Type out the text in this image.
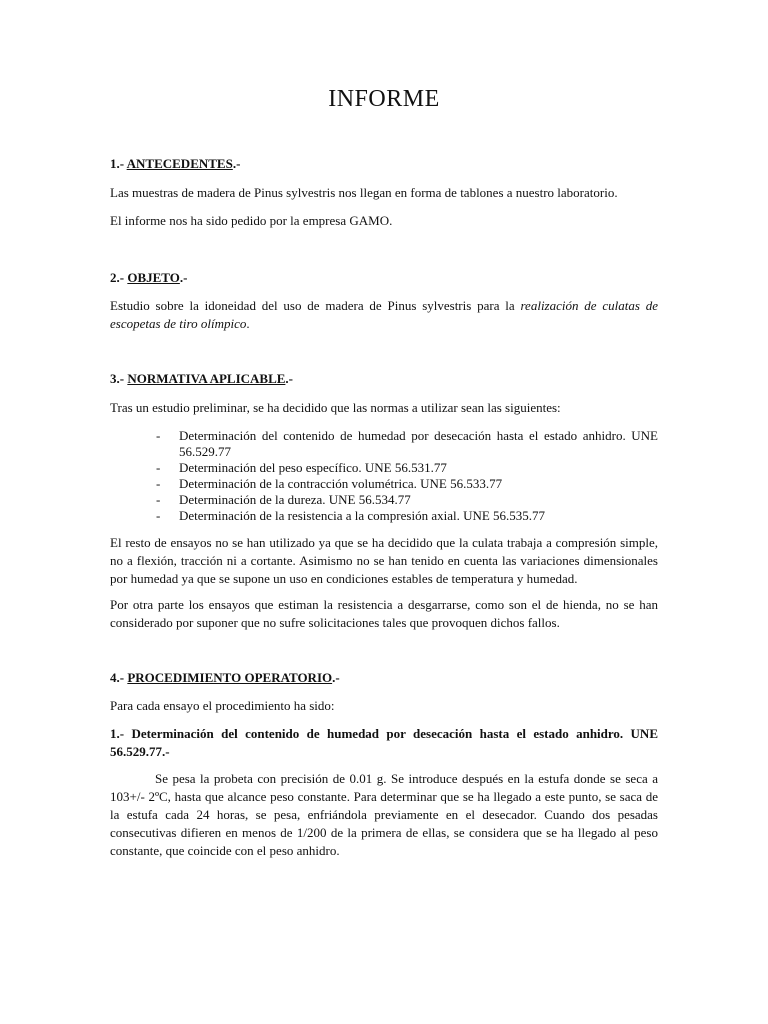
INFORME
1.- ANTECEDENTES.-

Las muestras de madera de Pinus sylvestris nos llegan en forma de tablones a nuestro laboratorio.

El informe nos ha sido pedido por la empresa GAMO.

2.- OBJETO.-

Estudio sobre la idoneidad del uso de madera de Pinus sylvestris para la realización de culatas de escopetas de tiro olímpico.

3.- NORMATIVA APLICABLE.-

Tras un estudio preliminar, se ha decidido que las normas a utilizar sean las siguientes:

- Determinación del contenido de humedad por desecación hasta el estado anhidro. UNE 56.529.77
- Determinación del peso específico. UNE 56.531.77
- Determinación de la contracción volumétrica. UNE 56.533.77
- Determinación de la dureza. UNE 56.534.77
- Determinación de la resistencia a la compresión axial. UNE 56.535.77

El resto de ensayos no se han utilizado ya que se ha decidido que la culata trabaja a compresión simple, no a flexión, tracción ni a cortante. Asimismo no se han tenido en cuenta las variaciones dimensionales por humedad ya que se supone un uso en condiciones estables de temperatura y humedad.

Por otra parte los ensayos que estiman la resistencia a desgarrarse, como son el de hienda, no se han considerado por suponer que no sufre solicitaciones tales que provoquen dichos fallos.

4.- PROCEDIMIENTO OPERATORIO.-

Para cada ensayo el procedimiento ha sido:

1.- Determinación del contenido de humedad por desecación hasta el estado anhidro. UNE 56.529.77.-

Se pesa la probeta con precisión de 0.01 g. Se introduce después en la estufa donde se seca a 103+/- 2ºC, hasta que alcance peso constante. Para determinar que se ha llegado a este punto, se saca de la estufa cada 24 horas, se pesa, enfriándola previamente en el desecador. Cuando dos pesadas consecutivas difieren en menos de 1/200 de la primera de ellas, se considera que se ha llegado al peso constante, que coincide con el peso anhidro.
